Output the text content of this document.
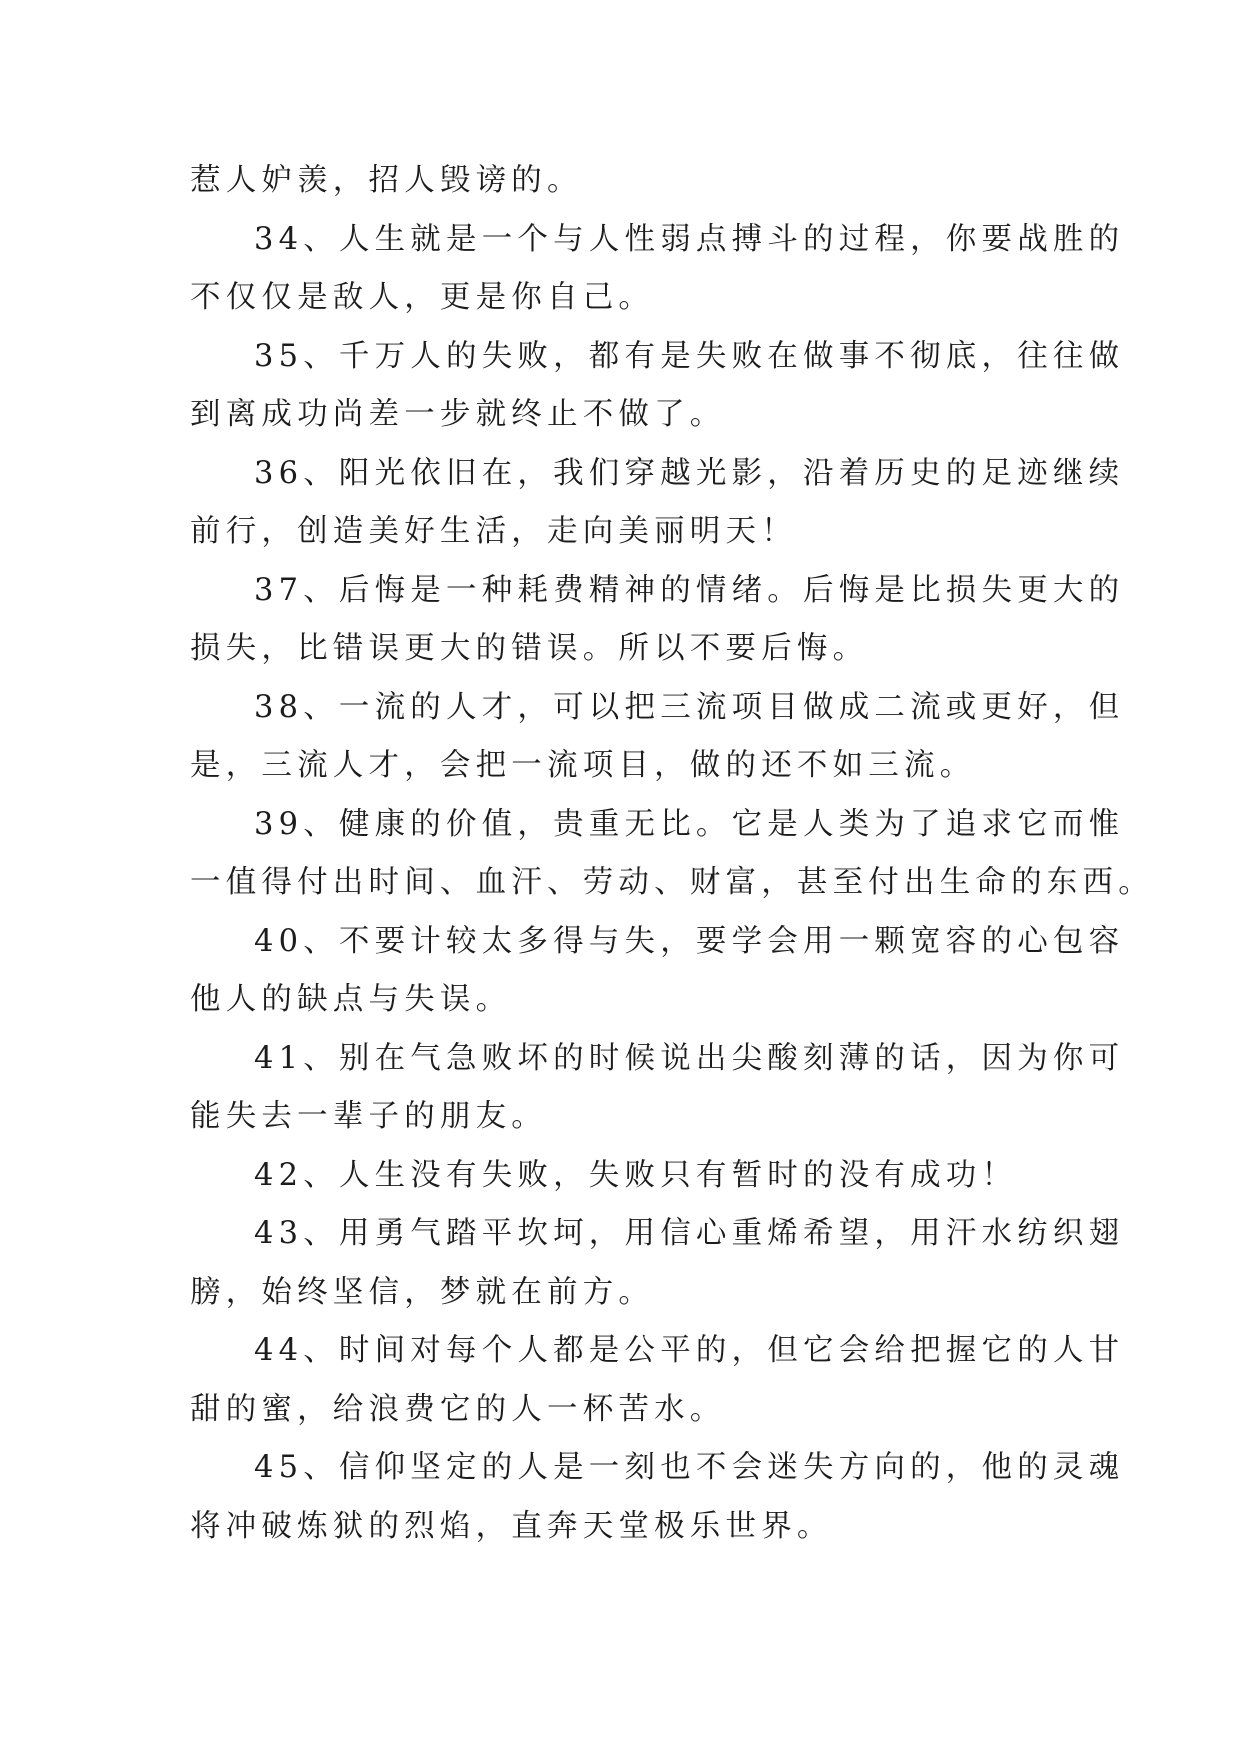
惹人妒羡，招人毁谤的。

34、人生就是一个与人性弱点搏斗的过程，你要战胜的

不仅仅是敌人，更是你自己。

35、千万人的失败，都有是失败在做事不彻底，往往做

到离成功尚差一步就终止不做了。

36、阳光依旧在，我们穿越光影，沿着历史的足迹继续

前行，创造美好生活，走向美丽明天！

37、后悔是一种耗费精神的情绪。后悔是比损失更大的

损失，比错误更大的错误。所以不要后悔。

38、一流的人才，可以把三流项目做成二流或更好，但

是，三流人才，会把一流项目，做的还不如三流。

39、健康的价值，贵重无比。它是人类为了追求它而惟

一值得付出时间、血汗、劳动、财富，甚至付出生命的东西。

40、不要计较太多得与失，要学会用一颗宽容的心包容

他人的缺点与失误。

41、别在气急败坏的时候说出尖酸刻薄的话，因为你可

能失去一辈子的朋友。

42、人生没有失败，失败只有暂时的没有成功！

43、用勇气踏平坎坷，用信心重烯希望，用汗水纺织翅

膀，始终坚信，梦就在前方。

44、时间对每个人都是公平的，但它会给把握它的人甘

甜的蜜，给浪费它的人一杯苦水。

45、信仰坚定的人是一刻也不会迷失方向的，他的灵魂

将冲破炼狱的烈焰，直奔天堂极乐世界。
